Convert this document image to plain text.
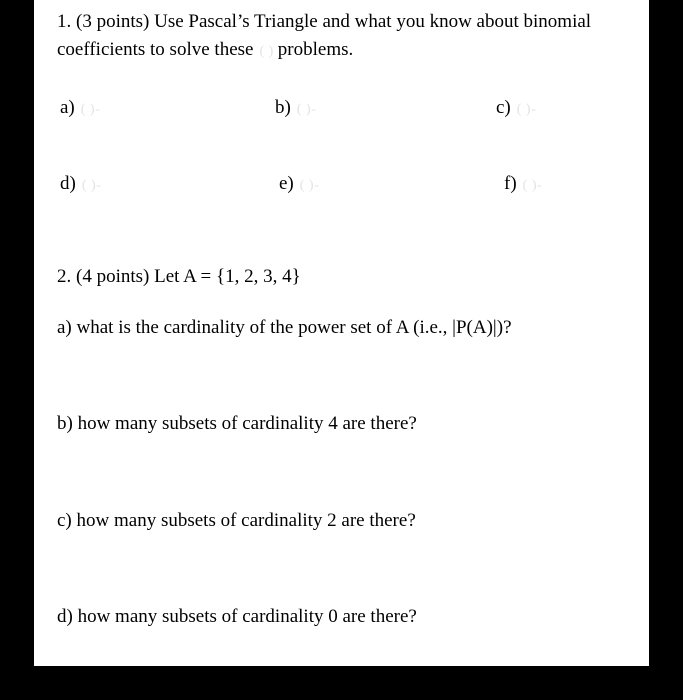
1. (3 points) Use Pascal’s Triangle and what you know about binomial
coefficients to solve these ( ) problems.
a) ( )-	b) ( )-	c) ( )-
d) ( )-	e) ( )-	f) ( )-
2. (4 points) Let A = {1, 2, 3, 4}
a) what is the cardinality of the power set of A (i.e., |P(A)|)?
b) how many subsets of cardinality 4 are there?
c) how many subsets of cardinality 2 are there?
d) how many subsets of cardinality 0 are there?
